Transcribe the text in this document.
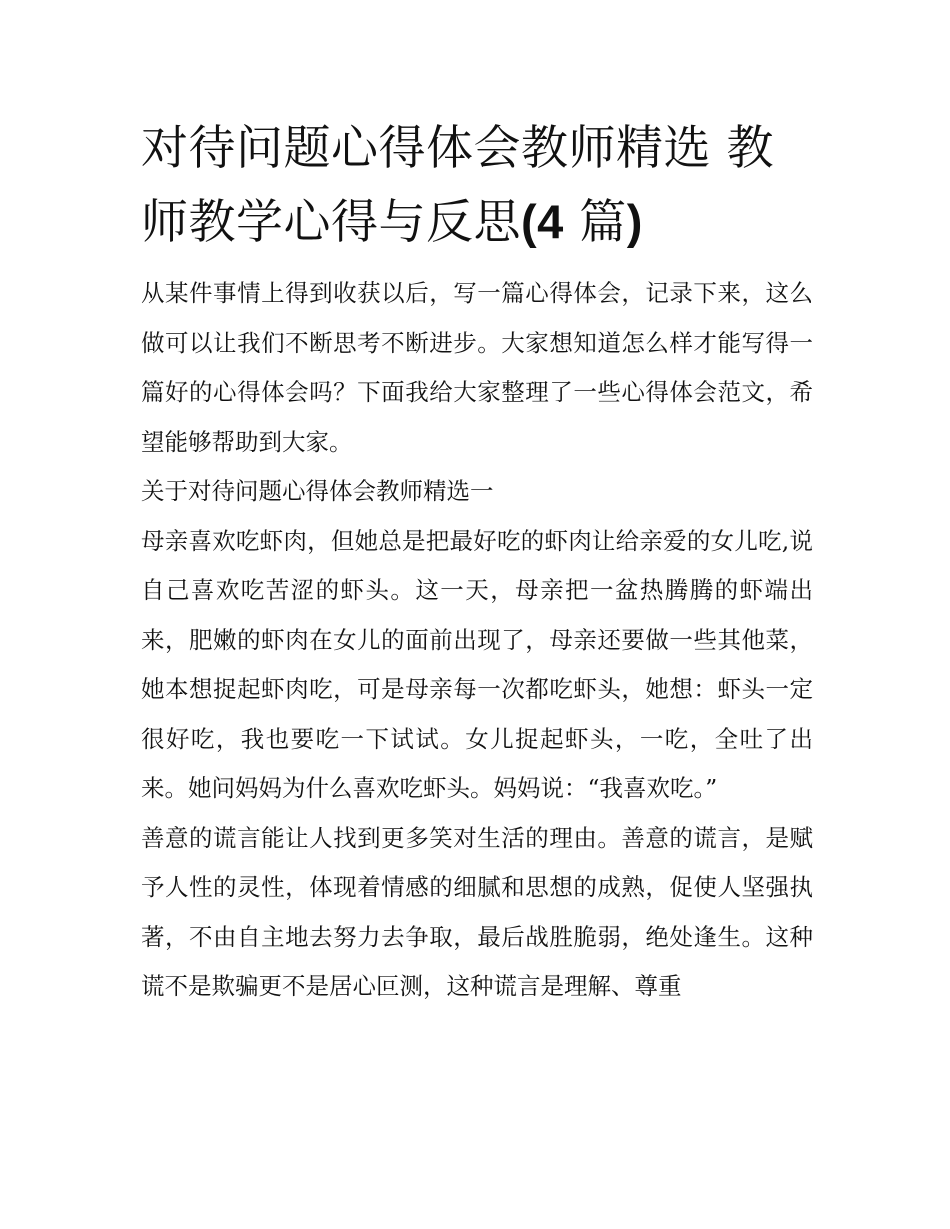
对待问题心得体会教师精选 教师教学心得与反思(4 篇)

从某件事情上得到收获以后，写一篇心得体会，记录下来，这么做可以让我们不断思考不断进步。大家想知道怎么样才能写得一篇好的心得体会吗？下面我给大家整理了一些心得体会范文，希望能够帮助到大家。

关于对待问题心得体会教师精选一

母亲喜欢吃虾肉，但她总是把最好吃的虾肉让给亲爱的女儿吃,说自己喜欢吃苦涩的虾头。这一天，母亲把一盆热腾腾的虾端出来，肥嫩的虾肉在女儿的面前出现了，母亲还要做一些其他菜，她本想捉起虾肉吃，可是母亲每一次都吃虾头，她想：虾头一定很好吃，我也要吃一下试试。女儿捉起虾头，一吃，全吐了出来。她问妈妈为什么喜欢吃虾头。妈妈说：“我喜欢吃。”

善意的谎言能让人找到更多笑对生活的理由。善意的谎言，是赋予人性的灵性，体现着情感的细腻和思想的成熟，促使人坚强执著，不由自主地去努力去争取，最后战胜脆弱，绝处逢生。这种谎不是欺骗更不是居心叵测，这种谎言是理解、尊重
